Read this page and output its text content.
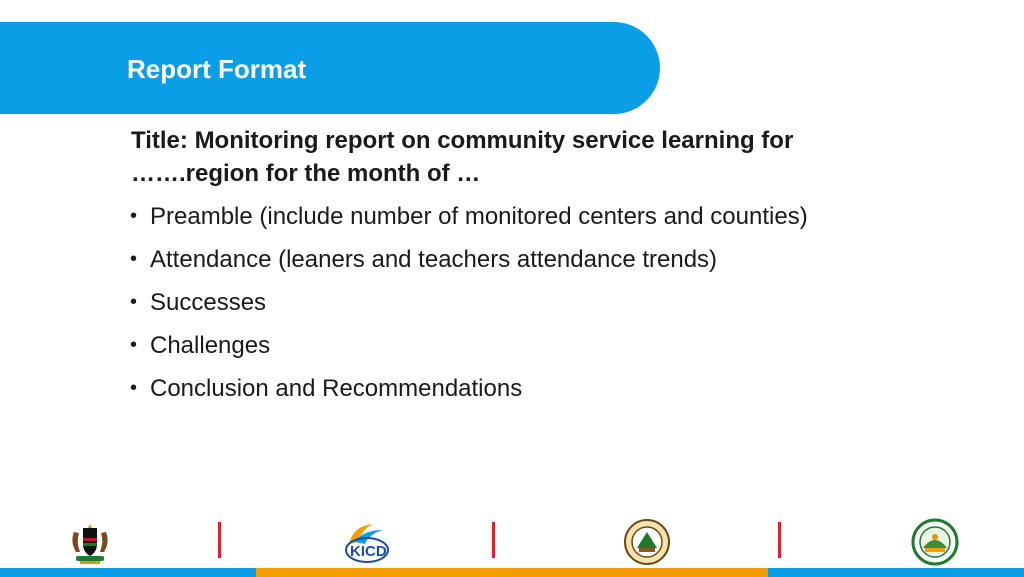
Report Format
Title: Monitoring report on community service learning for
…….region for the month of …
• Preamble (include number of monitored centers and counties)
• Attendance (leaners and teachers attendance trends)
• Successes
• Challenges
• Conclusion and Recommendations
KICD
